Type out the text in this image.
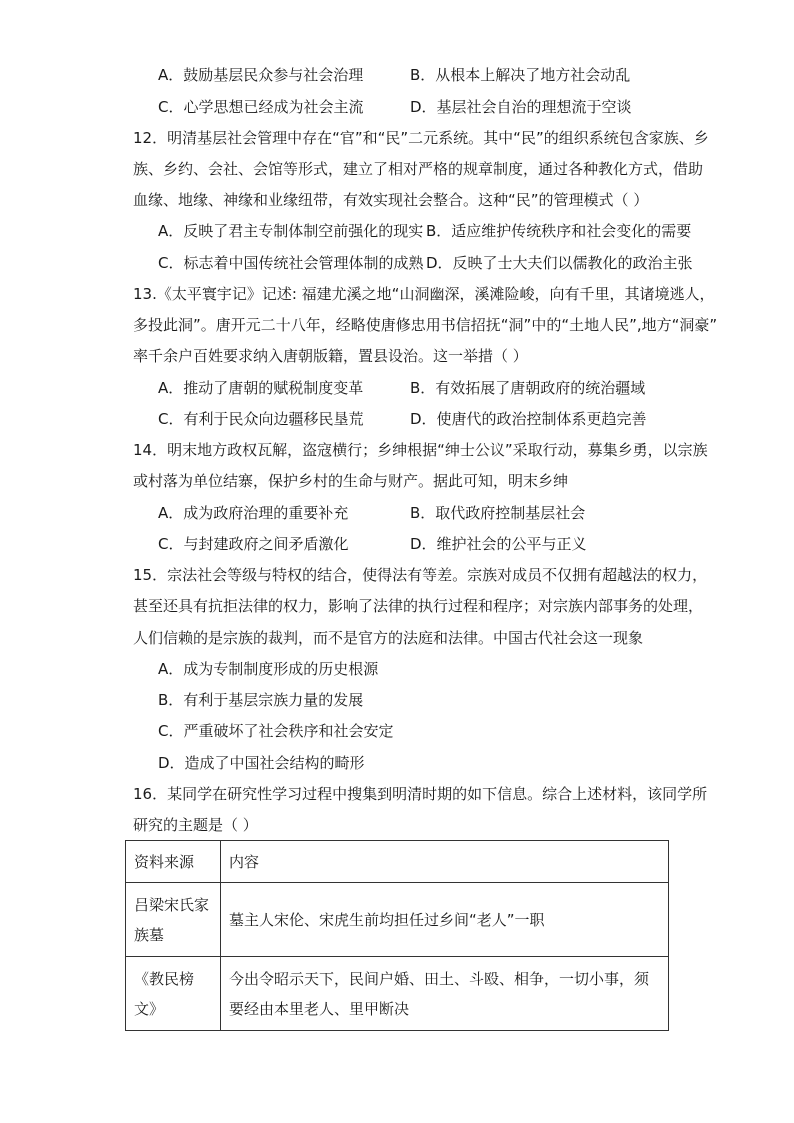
A．鼓励基层民众参与社会治理	B．从根本上解决了地方社会动乱
C．心学思想已经成为社会主流	D．基层社会自治的理想流于空谈
12．明清基层社会管理中存在“官”和“民”二元系统。其中“民”的组织系统包含家族、乡
族、乡约、会社、会馆等形式，建立了相对严格的规章制度，通过各种教化方式，借助
血缘、地缘、神缘和业缘纽带，有效实现社会整合。这种“民”的管理模式（ ）
A．反映了君主专制体制空前强化的现实 B．适应维护传统秩序和社会变化的需要
C．标志着中国传统社会管理体制的成熟 D．反映了士大夫们以儒教化的政治主张
13.《太平寰宇记》记述: 福建尤溪之地“山洞幽深，溪滩险峻，向有千里，其诸境逃人，
多投此洞”。唐开元二十八年，经略使唐修忠用书信招抚“洞”中的“土地人民”,地方“洞豪”
率千余户百姓要求纳入唐朝版籍，置县设治。这一举措（ ）
A．推动了唐朝的赋税制度变革	B．有效拓展了唐朝政府的统治疆域
C．有利于民众向边疆移民垦荒	D．使唐代的政治控制体系更趋完善
14．明末地方政权瓦解，盗寇横行；乡绅根据“绅士公议”采取行动，募集乡勇，以宗族
或村落为单位结寨，保护乡村的生命与财产。据此可知，明末乡绅
A．成为政府治理的重要补充	B．取代政府控制基层社会
C．与封建政府之间矛盾激化	D．维护社会的公平与正义
15．宗法社会等级与特权的结合，使得法有等差。宗族对成员不仅拥有超越法的权力，
甚至还具有抗拒法律的权力，影响了法律的执行过程和程序；对宗族内部事务的处理，
人们信赖的是宗族的裁判，而不是官方的法庭和法律。中国古代社会这一现象
A．成为专制制度形成的历史根源
B．有利于基层宗族力量的发展
C．严重破坏了社会秩序和社会安定
D．造成了中国社会结构的畸形
16．某同学在研究性学习过程中搜集到明清时期的如下信息。综合上述材料，该同学所
研究的主题是（ ）
资料来源	内容
吕梁宋氏家族墓	墓主人宋伦、宋虎生前均担任过乡间“老人”一职
《教民榜文》	今出令昭示天下，民间户婚、田土、斗殴、相争，一切小事，须要经由本里老人、里甲断决
